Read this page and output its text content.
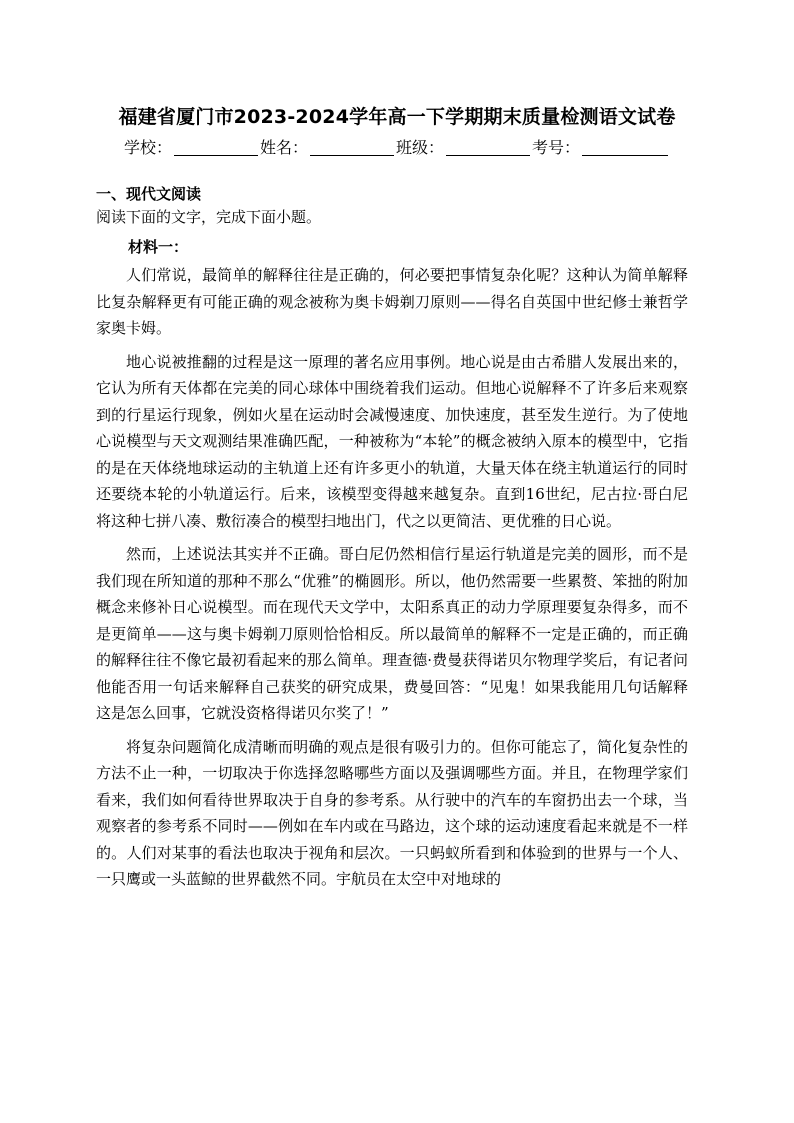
福建省厦门市2023-2024学年高一下学期期末质量检测语文试卷
学校：	姓名：	班级：	考号：
一、现代文阅读
阅读下面的文字，完成下面小题。
材料一：

人们常说，最简单的解释往往是正确的，何必要把事情复杂化呢？这种认为简单解释比复杂解释更有可能正确的观念被称为奥卡姆剃刀原则——得名自英国中世纪修士兼哲学家奥卡姆。

地心说被推翻的过程是这一原理的著名应用事例。地心说是由古希腊人发展出来的，它认为所有天体都在完美的同心球体中围绕着我们运动。但地心说解释不了许多后来观察到的行星运行现象，例如火星在运动时会减慢速度、加快速度，甚至发生逆行。为了使地心说模型与天文观测结果准确匹配，一种被称为“本轮”的概念被纳入原本的模型中，它指的是在天体绕地球运动的主轨道上还有许多更小的轨道，大量天体在绕主轨道运行的同时还要绕本轮的小轨道运行。后来，该模型变得越来越复杂。直到16世纪，尼古拉·哥白尼将这种七拼八凑、敷衍凑合的模型扫地出门，代之以更简洁、更优雅的日心说。

然而，上述说法其实并不正确。哥白尼仍然相信行星运行轨道是完美的圆形，而不是我们现在所知道的那种不那么“优雅”的椭圆形。所以，他仍然需要一些累赘、笨拙的附加概念来修补日心说模型。而在现代天文学中，太阳系真正的动力学原理要复杂得多，而不是更简单——这与奥卡姆剃刀原则恰恰相反。所以最简单的解释不一定是正确的，而正确的解释往往不像它最初看起来的那么简单。理查德·费曼获得诺贝尔物理学奖后，有记者问他能否用一句话来解释自己获奖的研究成果，费曼回答：“见鬼！如果我能用几句话解释这是怎么回事，它就没资格得诺贝尔奖了！”

将复杂问题简化成清晰而明确的观点是很有吸引力的。但你可能忘了，简化复杂性的方法不止一种，一切取决于你选择忽略哪些方面以及强调哪些方面。并且，在物理学家们看来，我们如何看待世界取决于自身的参考系。从行驶中的汽车的车窗扔出去一个球，当观察者的参考系不同时——例如在车内或在马路边，这个球的运动速度看起来就是不一样的。人们对某事的看法也取决于视角和层次。一只蚂蚁所看到和体验到的世界与一个人、一只鹰或一头蓝鲸的世界截然不同。宇航员在太空中对地球的
